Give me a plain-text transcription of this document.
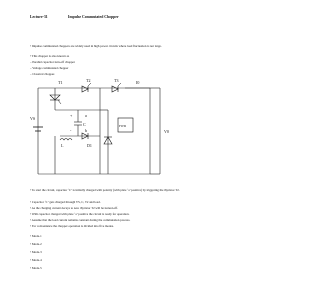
Lecture-31	Impulse Commutated Chopper
• Impulse commutated choppers are widely used in high power circuits where load fluctuation is not large.
• This chopper is also known as
– Parallel capacitor turn-off chopper
– Voltage commutated chopper
– Classical chopper.
T1	T2	T3
C
L	D1
VS
V0
FWD
+
-
a
b
I0
• To start the circuit, capacitor ‘C’ is initially charged with polarity (with plate ‘a’ positive) by triggering the thyristor T2.
• Capacitor ‘C’ gets charged through VS, C, T2 and load.
• As the charging current decays to zero thyristor T2 will be turned-off.
• With capacitor charged with plate ‘a’ positive the circuit is ready for operation.
• Assume that the load current remains constant during the commutation process.
• For convenience the chopper operation is divided into five modes.
• Mode-1
• Mode-2
• Mode-3
• Mode-4
• Mode-5
